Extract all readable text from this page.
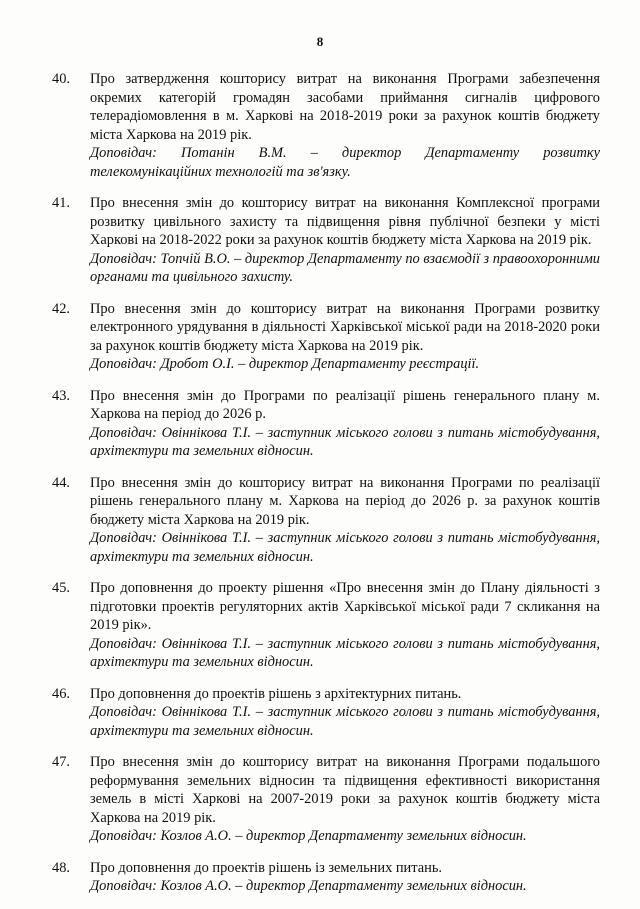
8
40.	Про затвердження кошторису витрат на виконання Програми забезпечення окремих категорій громадян засобами приймання сигналів цифрового телерадіомовлення в м. Харкові на 2018-2019 роки за рахунок коштів бюджету міста Харкова на 2019 рік.
Доповідач: Потанін В.М. – директор Департаменту розвитку телекомунікаційних технологій та зв'язку.
41.	Про внесення змін до кошторису витрат на виконання Комплексної програми розвитку цивільного захисту та підвищення рівня публічної безпеки у місті Харкові на 2018-2022 роки за рахунок коштів бюджету міста Харкова на 2019 рік.
Доповідач: Топчій В.О. – директор Департаменту по взаємодії з правоохоронними органами та цивільного захисту.
42.	Про внесення змін до кошторису витрат на виконання Програми розвитку електронного урядування в діяльності Харківської міської ради на 2018-2020 роки за рахунок коштів бюджету міста Харкова на 2019 рік.
Доповідач: Дробот О.І. – директор Департаменту реєстрації.
43.	Про внесення змін до Програми по реалізації рішень генерального плану м. Харкова на період до 2026 р.
Доповідач: Овіннікова Т.І. – заступник міського голови з питань містобудування, архітектури та земельних відносин.
44.	Про внесення змін до кошторису витрат на виконання Програми по реалізації рішень генерального плану м. Харкова на період до 2026 р. за рахунок коштів бюджету міста Харкова на 2019 рік.
Доповідач: Овіннікова Т.І. – заступник міського голови з питань містобудування, архітектури та земельних відносин.
45.	Про доповнення до проекту рішення «Про внесення змін до Плану діяльності з підготовки проектів регуляторних актів Харківської міської ради 7 скликання на 2019 рік».
Доповідач: Овіннікова Т.І. – заступник міського голови з питань містобудування, архітектури та земельних відносин.
46.	Про доповнення до проектів рішень з архітектурних питань.
Доповідач: Овіннікова Т.І. – заступник міського голови з питань містобудування, архітектури та земельних відносин.
47.	Про внесення змін до кошторису витрат на виконання Програми подальшого реформування земельних відносин та підвищення ефективності використання земель в місті Харкові на 2007-2019 роки за рахунок коштів бюджету міста Харкова на 2019 рік.
Доповідач: Козлов А.О. – директор Департаменту земельних відносин.
48.	Про доповнення до проектів рішень із земельних питань.
Доповідач: Козлов А.О. – директор Департаменту земельних відносин.
